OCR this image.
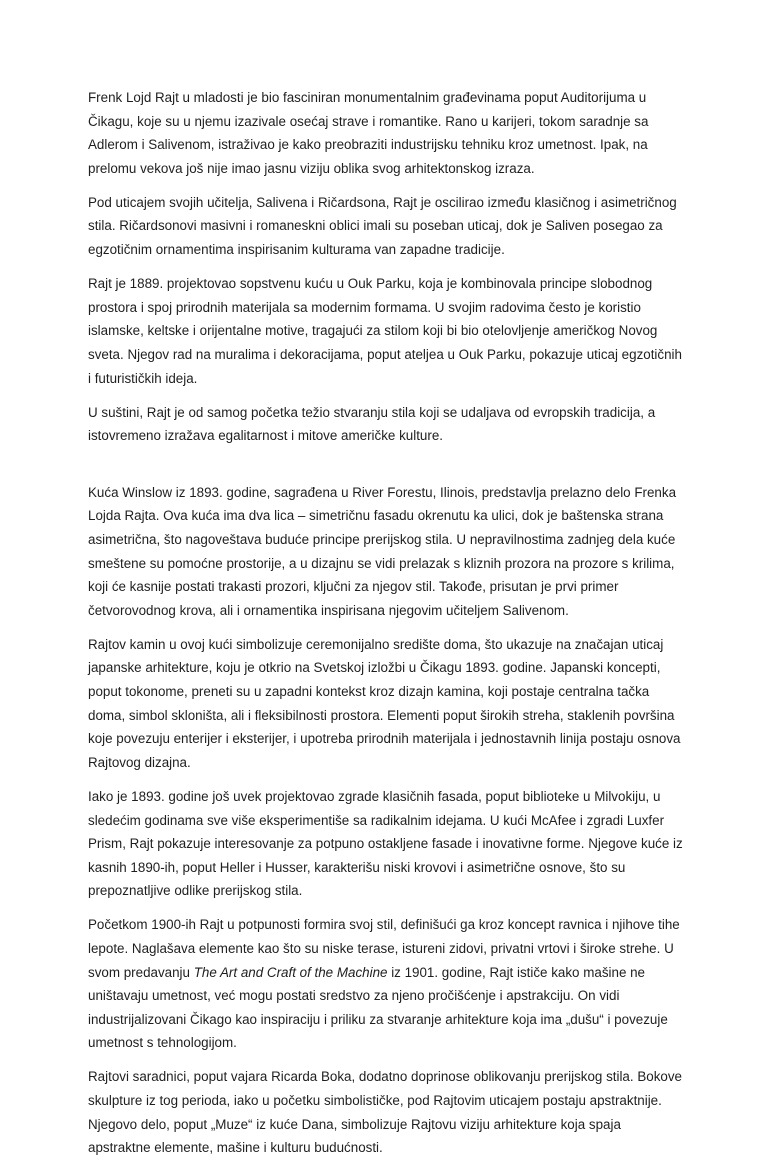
Frenk Lojd Rajt u mladosti je bio fasciniran monumentalnim građevinama poput Auditorijuma u Čikagu, koje su u njemu izazivale osećaj strave i romantike. Rano u karijeri, tokom saradnje sa Adlerom i Salivenom, istraživao je kako preobraziti industrijsku tehniku kroz umetnost. Ipak, na prelomu vekova još nije imao jasnu viziju oblika svog arhitektonskog izraza.

Pod uticajem svojih učitelja, Salivena i Ričardsona, Rajt je oscilirao između klasičnog i asimetričnog stila. Ričardsonovi masivni i romaneskni oblici imali su poseban uticaj, dok je Saliven posegao za egzotičnim ornamentima inspirisanim kulturama van zapadne tradicije.

Rajt je 1889. projektovao sopstvenu kuću u Ouk Parku, koja je kombinovala principe slobodnog prostora i spoj prirodnih materijala sa modernim formama. U svojim radovima često je koristio islamske, keltske i orijentalne motive, tragajući za stilom koji bi bio otelovljenje američkog Novog sveta. Njegov rad na muralima i dekoracijama, poput ateljea u Ouk Parku, pokazuje uticaj egzotičnih i futurističkih ideja.

U suštini, Rajt je od samog početka težio stvaranju stila koji se udaljava od evropskih tradicija, a istovremeno izražava egalitarnost i mitove američke kulture.

Kuća Winslow iz 1893. godine, sagrađena u River Forestu, Ilinois, predstavlja prelazno delo Frenka Lojda Rajta. Ova kuća ima dva lica – simetričnu fasadu okrenutu ka ulici, dok je baštenska strana asimetrična, što nagoveštava buduće principe prerijskog stila. U nepravilnostima zadnjeg dela kuće smeštene su pomoćne prostorije, a u dizajnu se vidi prelazak s kliznih prozora na prozore s krilima, koji će kasnije postati trakasti prozori, ključni za njegov stil. Takođe, prisutan je prvi primer četvorovodnog krova, ali i ornamentika inspirisana njegovim učiteljem Salivenom.

Rajtov kamin u ovoj kući simbolizuje ceremonijalno središte doma, što ukazuje na značajan uticaj japanske arhitekture, koju je otkrio na Svetskoj izložbi u Čikagu 1893. godine. Japanski koncepti, poput tokonome, preneti su u zapadni kontekst kroz dizajn kamina, koji postaje centralna tačka doma, simbol skloništa, ali i fleksibilnosti prostora. Elementi poput širokih streha, staklenih površina koje povezuju enterijer i eksterijer, i upotreba prirodnih materijala i jednostavnih linija postaju osnova Rajtovog dizajna.

Iako je 1893. godine još uvek projektovao zgrade klasičnih fasada, poput biblioteke u Milvokiju, u sledećim godinama sve više eksperimentiše sa radikalnim idejama. U kući McAfee i zgradi Luxfer Prism, Rajt pokazuje interesovanje za potpuno ostakljene fasade i inovativne forme. Njegove kuće iz kasnih 1890-ih, poput Heller i Husser, karakterišu niski krovovi i asimetrične osnove, što su prepoznatljive odlike prerijskog stila.

Početkom 1900-ih Rajt u potpunosti formira svoj stil, definišući ga kroz koncept ravnica i njihove tihe lepote. Naglašava elemente kao što su niske terase, istureni zidovi, privatni vrtovi i široke strehe. U svom predavanju The Art and Craft of the Machine iz 1901. godine, Rajt ističe kako mašine ne uništavaju umetnost, već mogu postati sredstvo za njeno pročišćenje i apstrakciju. On vidi industrijalizovani Čikago kao inspiraciju i priliku za stvaranje arhitekture koja ima „dušu“ i povezuje umetnost s tehnologijom.

Rajtovi saradnici, poput vajara Ricarda Boka, dodatno doprinose oblikovanju prerijskog stila. Bokove skulpture iz tog perioda, iako u početku simbolističke, pod Rajtovim uticajem postaju apstraktnije. Njegovo delo, poput „Muze“ iz kuće Dana, simbolizuje Rajtovu viziju arhitekture koja spaja apstraktne elemente, mašine i kulturu budućnosti.
